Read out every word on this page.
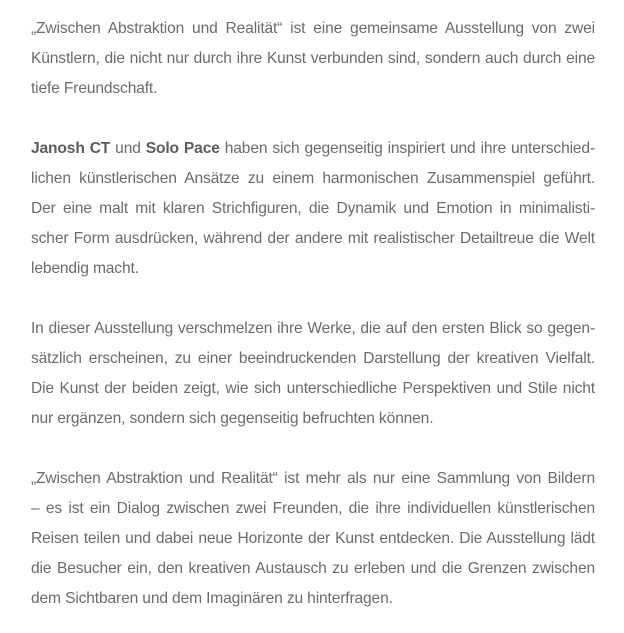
„Zwischen Abstraktion und Realität“ ist eine gemeinsame Ausstellung von zwei
Künstlern, die nicht nur durch ihre Kunst verbunden sind, sondern auch durch eine
tiefe Freundschaft.

Janosh CT und Solo Pace haben sich gegenseitig inspiriert und ihre unterschied-
lichen künstlerischen Ansätze zu einem harmonischen Zusammenspiel geführt.
Der eine malt mit klaren Strichfiguren, die Dynamik und Emotion in minimalisti-
scher Form ausdrücken, während der andere mit realistischer Detailtreue die Welt
lebendig macht.

In dieser Ausstellung verschmelzen ihre Werke, die auf den ersten Blick so gegen-
sätzlich erscheinen, zu einer beeindruckenden Darstellung der kreativen Vielfalt.
Die Kunst der beiden zeigt, wie sich unterschiedliche Perspektiven und Stile nicht
nur ergänzen, sondern sich gegenseitig befruchten können.

„Zwischen Abstraktion und Realität“ ist mehr als nur eine Sammlung von Bildern
– es ist ein Dialog zwischen zwei Freunden, die ihre individuellen künstlerischen
Reisen teilen und dabei neue Horizonte der Kunst entdecken. Die Ausstellung lädt
die Besucher ein, den kreativen Austausch zu erleben und die Grenzen zwischen
dem Sichtbaren und dem Imaginären zu hinterfragen.
